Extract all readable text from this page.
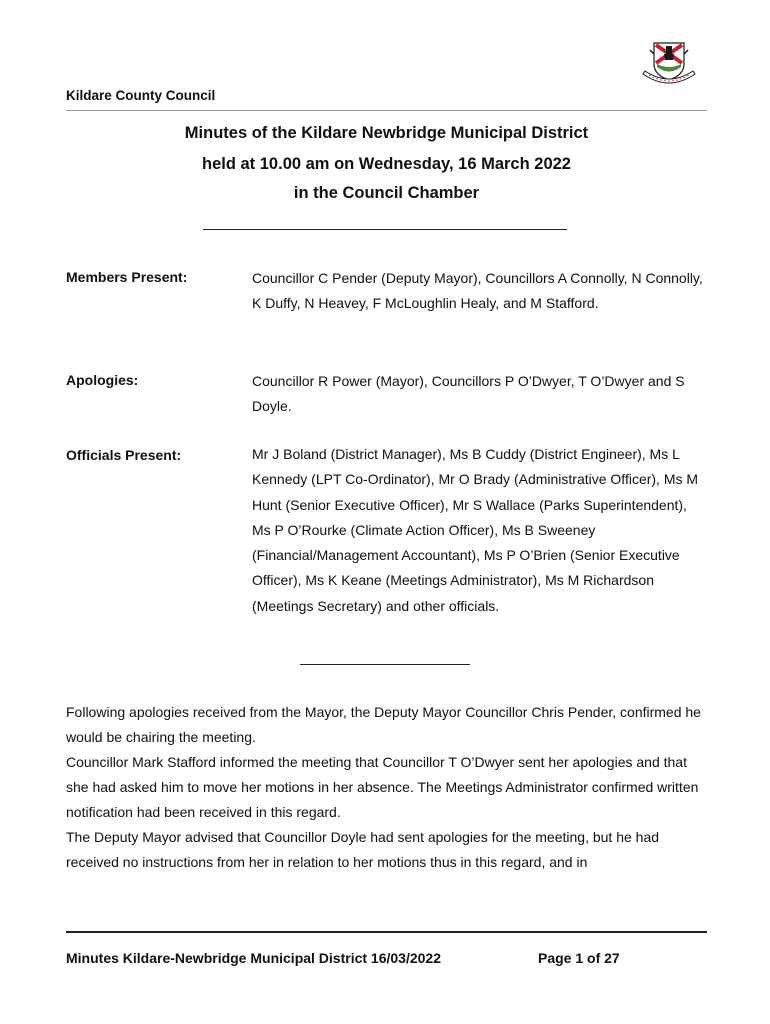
Kildare County Council
Minutes of the Kildare Newbridge Municipal District
held at 10.00 am on Wednesday, 16 March 2022
in the Council Chamber
Members Present:	Councillor C Pender (Deputy Mayor), Councillors A Connolly, N Connolly, K Duffy, N Heavey, F McLoughlin Healy, and M Stafford.
Apologies:	Councillor R Power (Mayor), Councillors P O’Dwyer, T O’Dwyer and S Doyle.
Officials Present:	Mr J Boland (District Manager), Ms B Cuddy (District Engineer), Ms L Kennedy (LPT Co-Ordinator), Mr O Brady (Administrative Officer), Ms M Hunt (Senior Executive Officer), Mr S Wallace (Parks Superintendent), Ms P O’Rourke (Climate Action Officer), Ms B Sweeney (Financial/Management Accountant), Ms P O’Brien (Senior Executive Officer), Ms K Keane (Meetings Administrator), Ms M Richardson (Meetings Secretary) and other officials.
Following apologies received from the Mayor, the Deputy Mayor Councillor Chris Pender, confirmed he would be chairing the meeting.
Councillor Mark Stafford informed the meeting that Councillor T O’Dwyer sent her apologies and that she had asked him to move her motions in her absence. The Meetings Administrator confirmed written notification had been received in this regard.
The Deputy Mayor advised that Councillor Doyle had sent apologies for the meeting, but he had received no instructions from her in relation to her motions thus in this regard, and in
Minutes Kildare-Newbridge Municipal District 16/03/2022	Page 1 of 27
